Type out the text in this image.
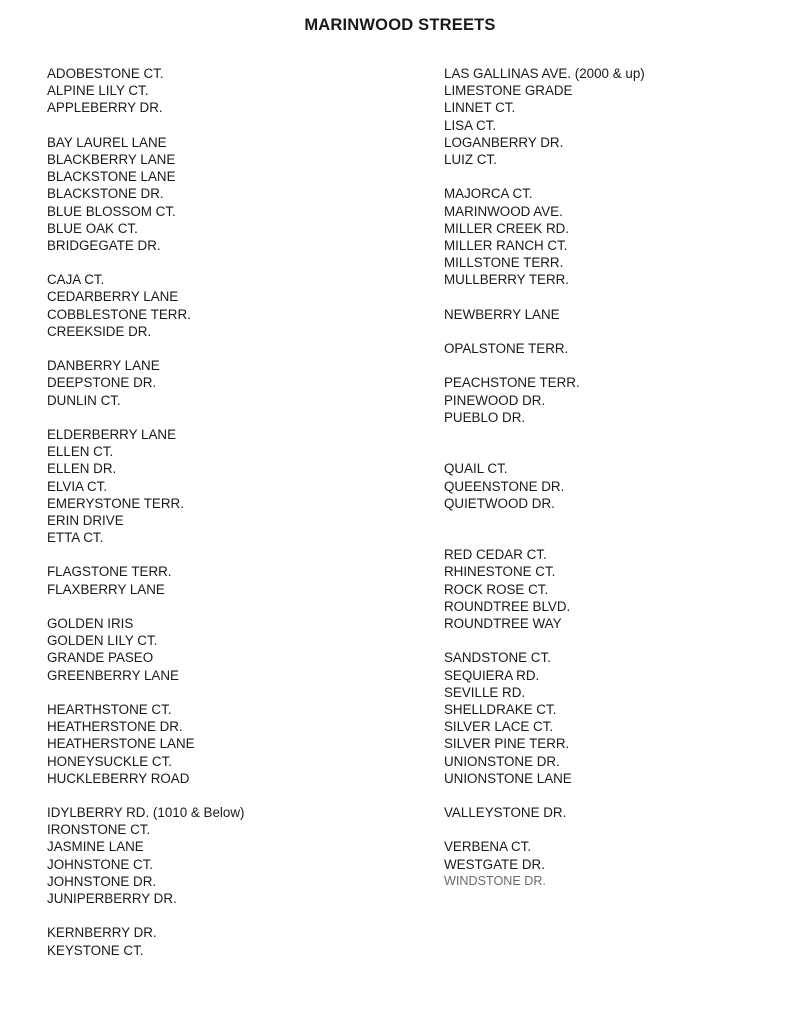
MARINWOOD STREETS
ADOBESTONE CT.
ALPINE LILY CT.
APPLEBERRY DR.
BAY LAUREL LANE
BLACKBERRY LANE
BLACKSTONE LANE
BLACKSTONE DR.
BLUE BLOSSOM CT.
BLUE OAK CT.
BRIDGEGATE DR.
CAJA CT.
CEDARBERRY LANE
COBBLESTONE TERR.
CREEKSIDE DR.
DANBERRY LANE
DEEPSTONE DR.
DUNLIN CT.
ELDERBERRY LANE
ELLEN CT.
ELLEN DR.
ELVIA CT.
EMERYSTONE TERR.
ERIN DRIVE
ETTA CT.
FLAGSTONE TERR.
FLAXBERRY LANE
GOLDEN IRIS
GOLDEN LILY CT.
GRANDE PASEO
GREENBERRY LANE
HEARTHSTONE CT.
HEATHERSTONE DR.
HEATHERSTONE LANE
HONEYSUCKLE CT.
HUCKLEBERRY ROAD
IDYLBERRY RD. (1010 & Below)
IRONSTONE CT.
JASMINE LANE
JOHNSTONE CT.
JOHNSTONE DR.
JUNIPERBERRY DR.
KERNBERRY DR.
KEYSTONE CT.
LAS GALLINAS AVE. (2000 & up)
LIMESTONE GRADE
LINNET CT.
LISA CT.
LOGANBERRY DR.
LUIZ CT.
MAJORCA CT.
MARINWOOD AVE.
MILLER CREEK RD.
MILLER RANCH CT.
MILLSTONE TERR.
MULLBERRY TERR.
NEWBERRY LANE
OPALSTONE TERR.
PEACHSTONE TERR.
PINEWOOD DR.
PUEBLO DR.
QUAIL CT.
QUEENSTONE DR.
QUIETWOOD DR.
RED CEDAR CT.
RHINESTONE CT.
ROCK ROSE CT.
ROUNDTREE BLVD.
ROUNDTREE WAY
SANDSTONE CT.
SEQUIERA RD.
SEVILLE RD.
SHELLDRAKE CT.
SILVER LACE CT.
SILVER PINE TERR.
UNIONSTONE DR.
UNIONSTONE LANE
VALLEYSTONE DR.
VERBENA CT.
WESTGATE DR.
WINDSTONE DR.
